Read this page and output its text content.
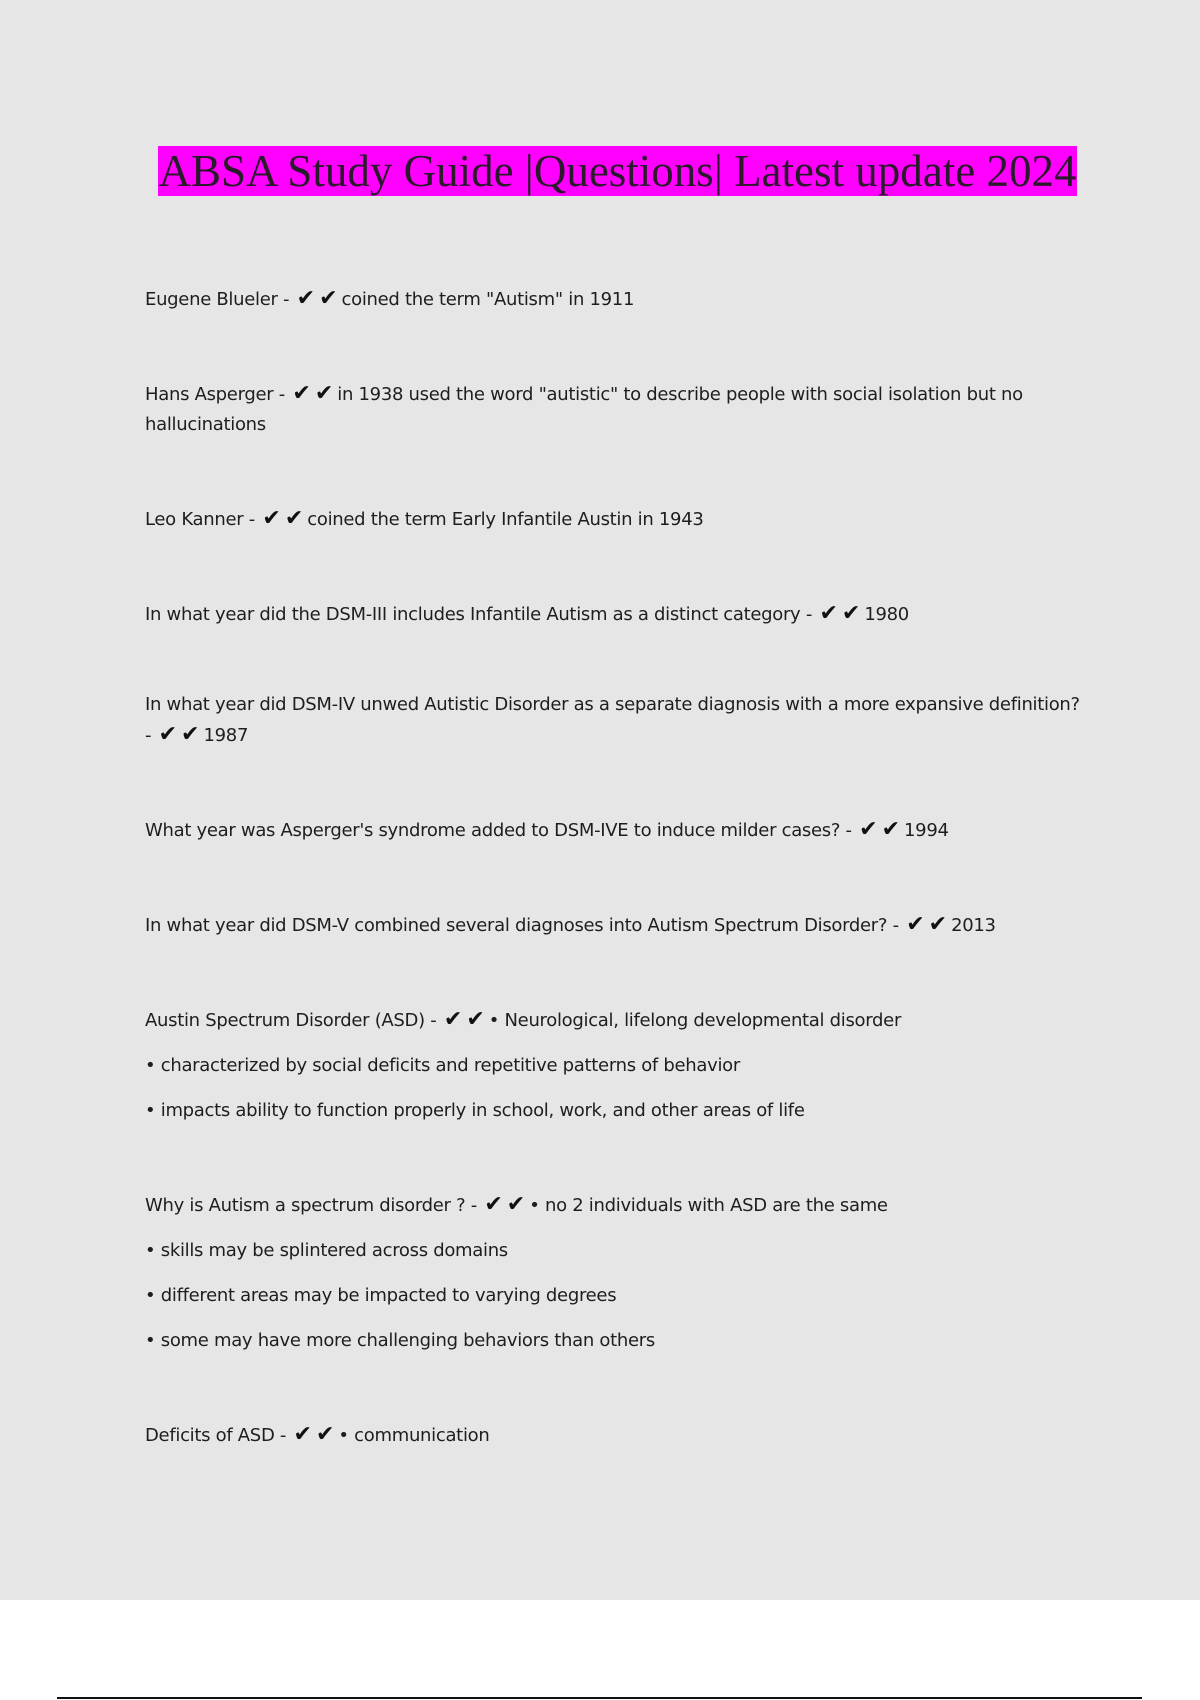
ABSA Study Guide |Questions| Latest update 2024

Eugene Blueler - ✔✔coined the term "Autism" in 1911

Hans Asperger - ✔✔in 1938 used the word "autistic" to describe people with social isolation but no hallucinations

Leo Kanner - ✔✔coined the term Early Infantile Austin in 1943

In what year did the DSM-III includes Infantile Autism as a distinct category - ✔✔1980

In what year did DSM-IV unwed Autistic Disorder as a separate diagnosis with a more expansive definition? - ✔✔1987

What year was Asperger's syndrome added to DSM-IVE to induce milder cases? - ✔✔1994

In what year did DSM-V combined several diagnoses into Autism Spectrum Disorder? - ✔✔2013

Austin Spectrum Disorder (ASD) - ✔✔• Neurological, lifelong developmental disorder

• characterized by social deficits and repetitive patterns of behavior

• impacts ability to function properly in school, work, and other areas of life

Why is Autism a spectrum disorder ? - ✔✔• no 2 individuals with ASD are the same

• skills may be splintered across domains

• different areas may be impacted to varying degrees

• some may have more challenging behaviors than others

Deficits of ASD - ✔✔• communication
